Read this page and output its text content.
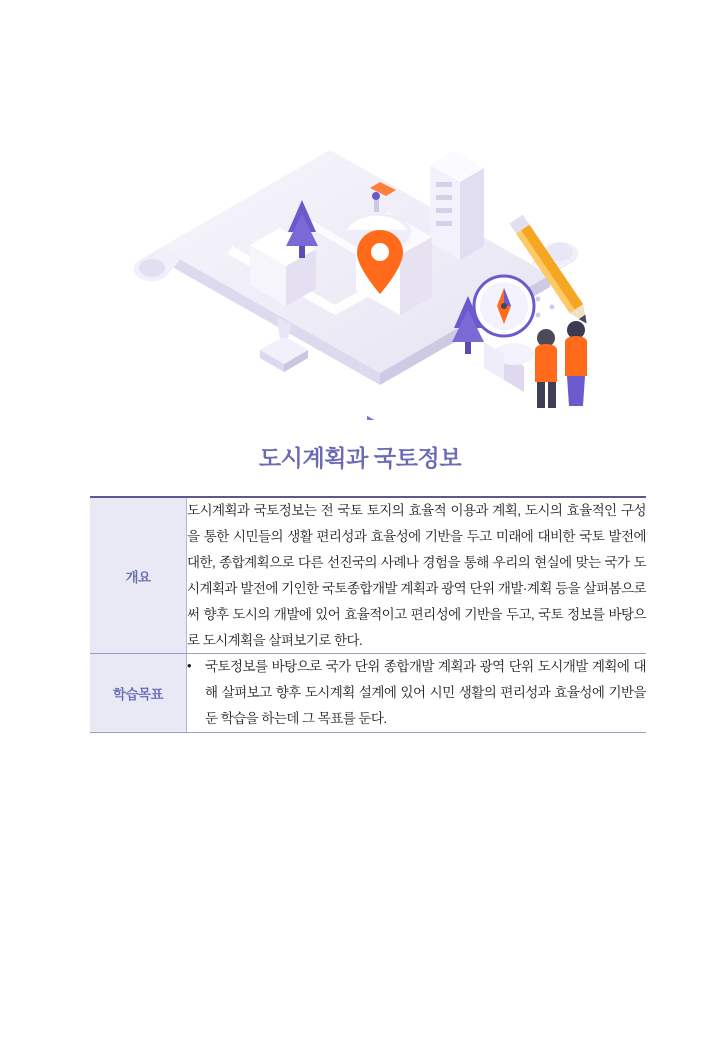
도시계획과 국토정보
개요	도시계획과 국토정보는 전 국토 토지의 효율적 이용과 계획, 도시의 효율적인 구성을 통한 시민들의 생활 편리성과 효율성에 기반을 두고 미래에 대비한 국토 발전에 대한, 종합계획으로 다른 선진국의 사례나 경험을 통해 우리의 현실에 맞는 국가 도시계획과 발전에 기인한 국토종합개발 계획과 광역 단위 개발·계획 등을 살펴봄으로써 향후 도시의 개발에 있어 효율적이고 편리성에 기반을 두고, 국토 정보를 바탕으로 도시계획을 살펴보기로 한다.

학습목표	• 국토정보를 바탕으로 국가 단위 종합개발 계획과 광역 단위 도시개발 계획에 대해 살펴보고 향후 도시계획 설계에 있어 시민 생활의 편리성과 효율성에 기반을 둔 학습을 하는데 그 목표를 둔다.
